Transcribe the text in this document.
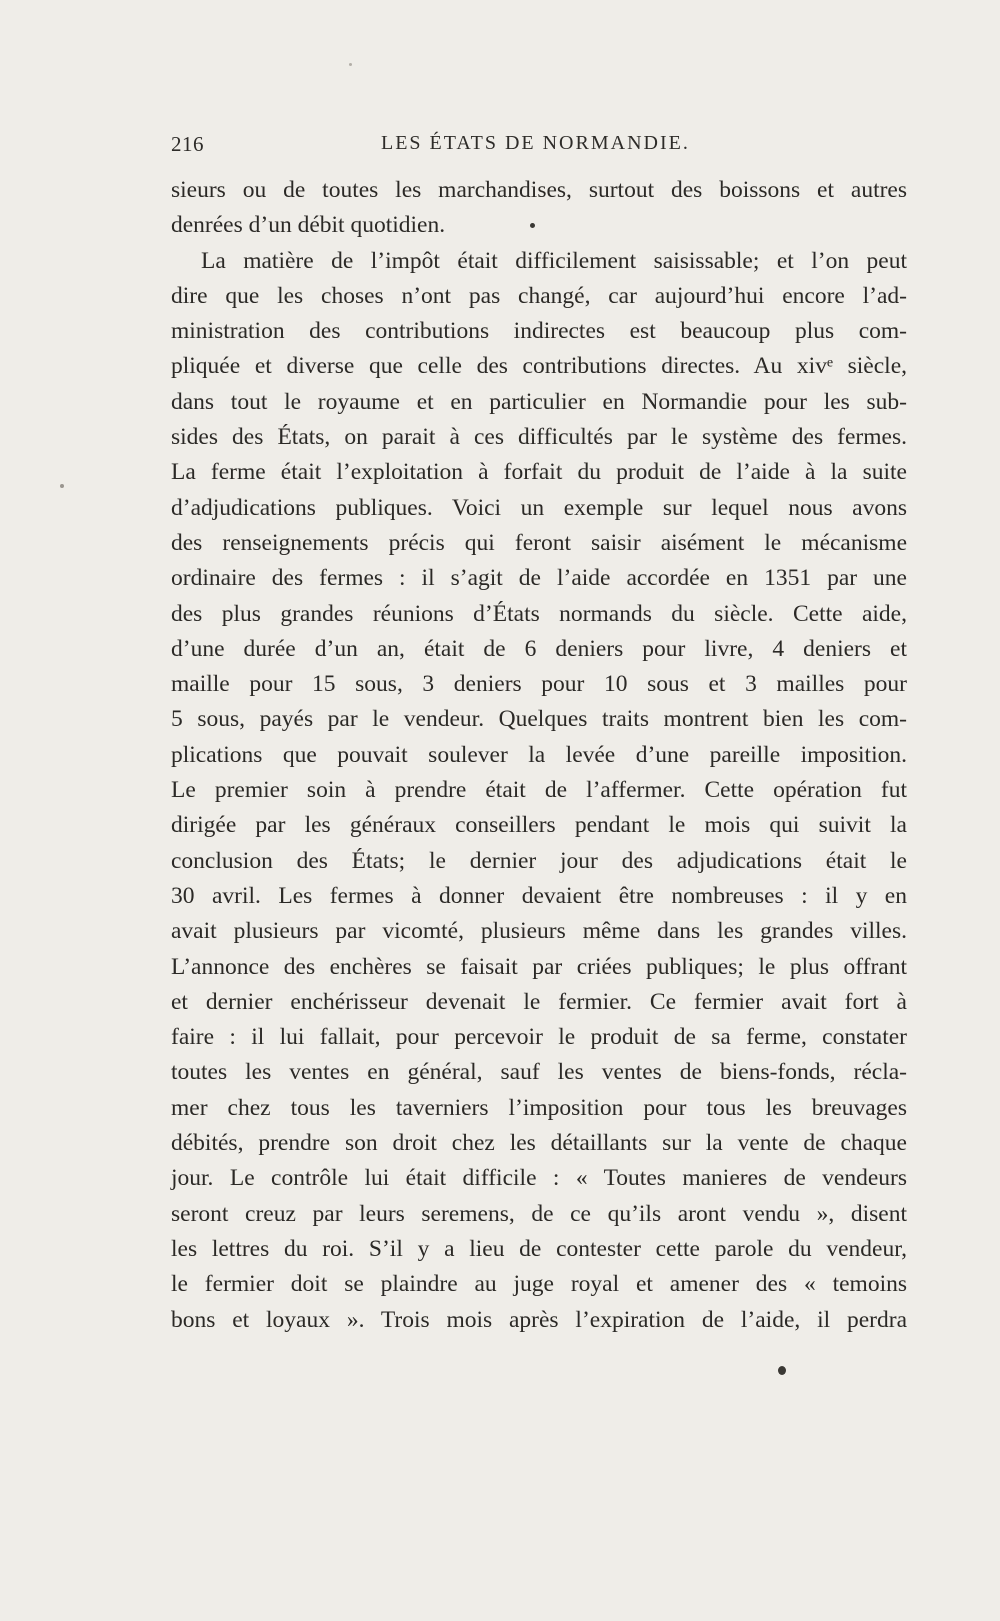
216	LES ÉTATS DE NORMANDIE.
sieurs ou de toutes les marchandises, surtout des boissons et autres
denrées d’un débit quotidien.
La matière de l’impôt était difficilement saisissable; et l’on peut
dire que les choses n’ont pas changé, car aujourd’hui encore l’ad-
ministration des contributions indirectes est beaucoup plus com-
pliquée et diverse que celle des contributions directes. Au xivᵉ siècle,
dans tout le royaume et en particulier en Normandie pour les sub-
sides des États, on parait à ces difficultés par le système des fermes.
La ferme était l’exploitation à forfait du produit de l’aide à la suite
d’adjudications publiques. Voici un exemple sur lequel nous avons
des renseignements précis qui feront saisir aisément le mécanisme
ordinaire des fermes : il s’agit de l’aide accordée en 1351 par une
des plus grandes réunions d’États normands du siècle. Cette aide,
d’une durée d’un an, était de 6 deniers pour livre, 4 deniers et
maille pour 15 sous, 3 deniers pour 10 sous et 3 mailles pour
5 sous, payés par le vendeur. Quelques traits montrent bien les com-
plications que pouvait soulever la levée d’une pareille imposition.
Le premier soin à prendre était de l’affermer. Cette opération fut
dirigée par les généraux conseillers pendant le mois qui suivit la
conclusion des États; le dernier jour des adjudications était le
30 avril. Les fermes à donner devaient être nombreuses : il y en
avait plusieurs par vicomté, plusieurs même dans les grandes villes.
L’annonce des enchères se faisait par criées publiques; le plus offrant
et dernier enchérisseur devenait le fermier. Ce fermier avait fort à
faire : il lui fallait, pour percevoir le produit de sa ferme, constater
toutes les ventes en général, sauf les ventes de biens-fonds, récla-
mer chez tous les taverniers l’imposition pour tous les breuvages
débités, prendre son droit chez les détaillants sur la vente de chaque
jour. Le contrôle lui était difficile : « Toutes manieres de vendeurs
seront creuz par leurs seremens, de ce qu’ils aront vendu », disent
les lettres du roi. S’il y a lieu de contester cette parole du vendeur,
le fermier doit se plaindre au juge royal et amener des « temoins
bons et loyaux ». Trois mois après l’expiration de l’aide, il perdra
